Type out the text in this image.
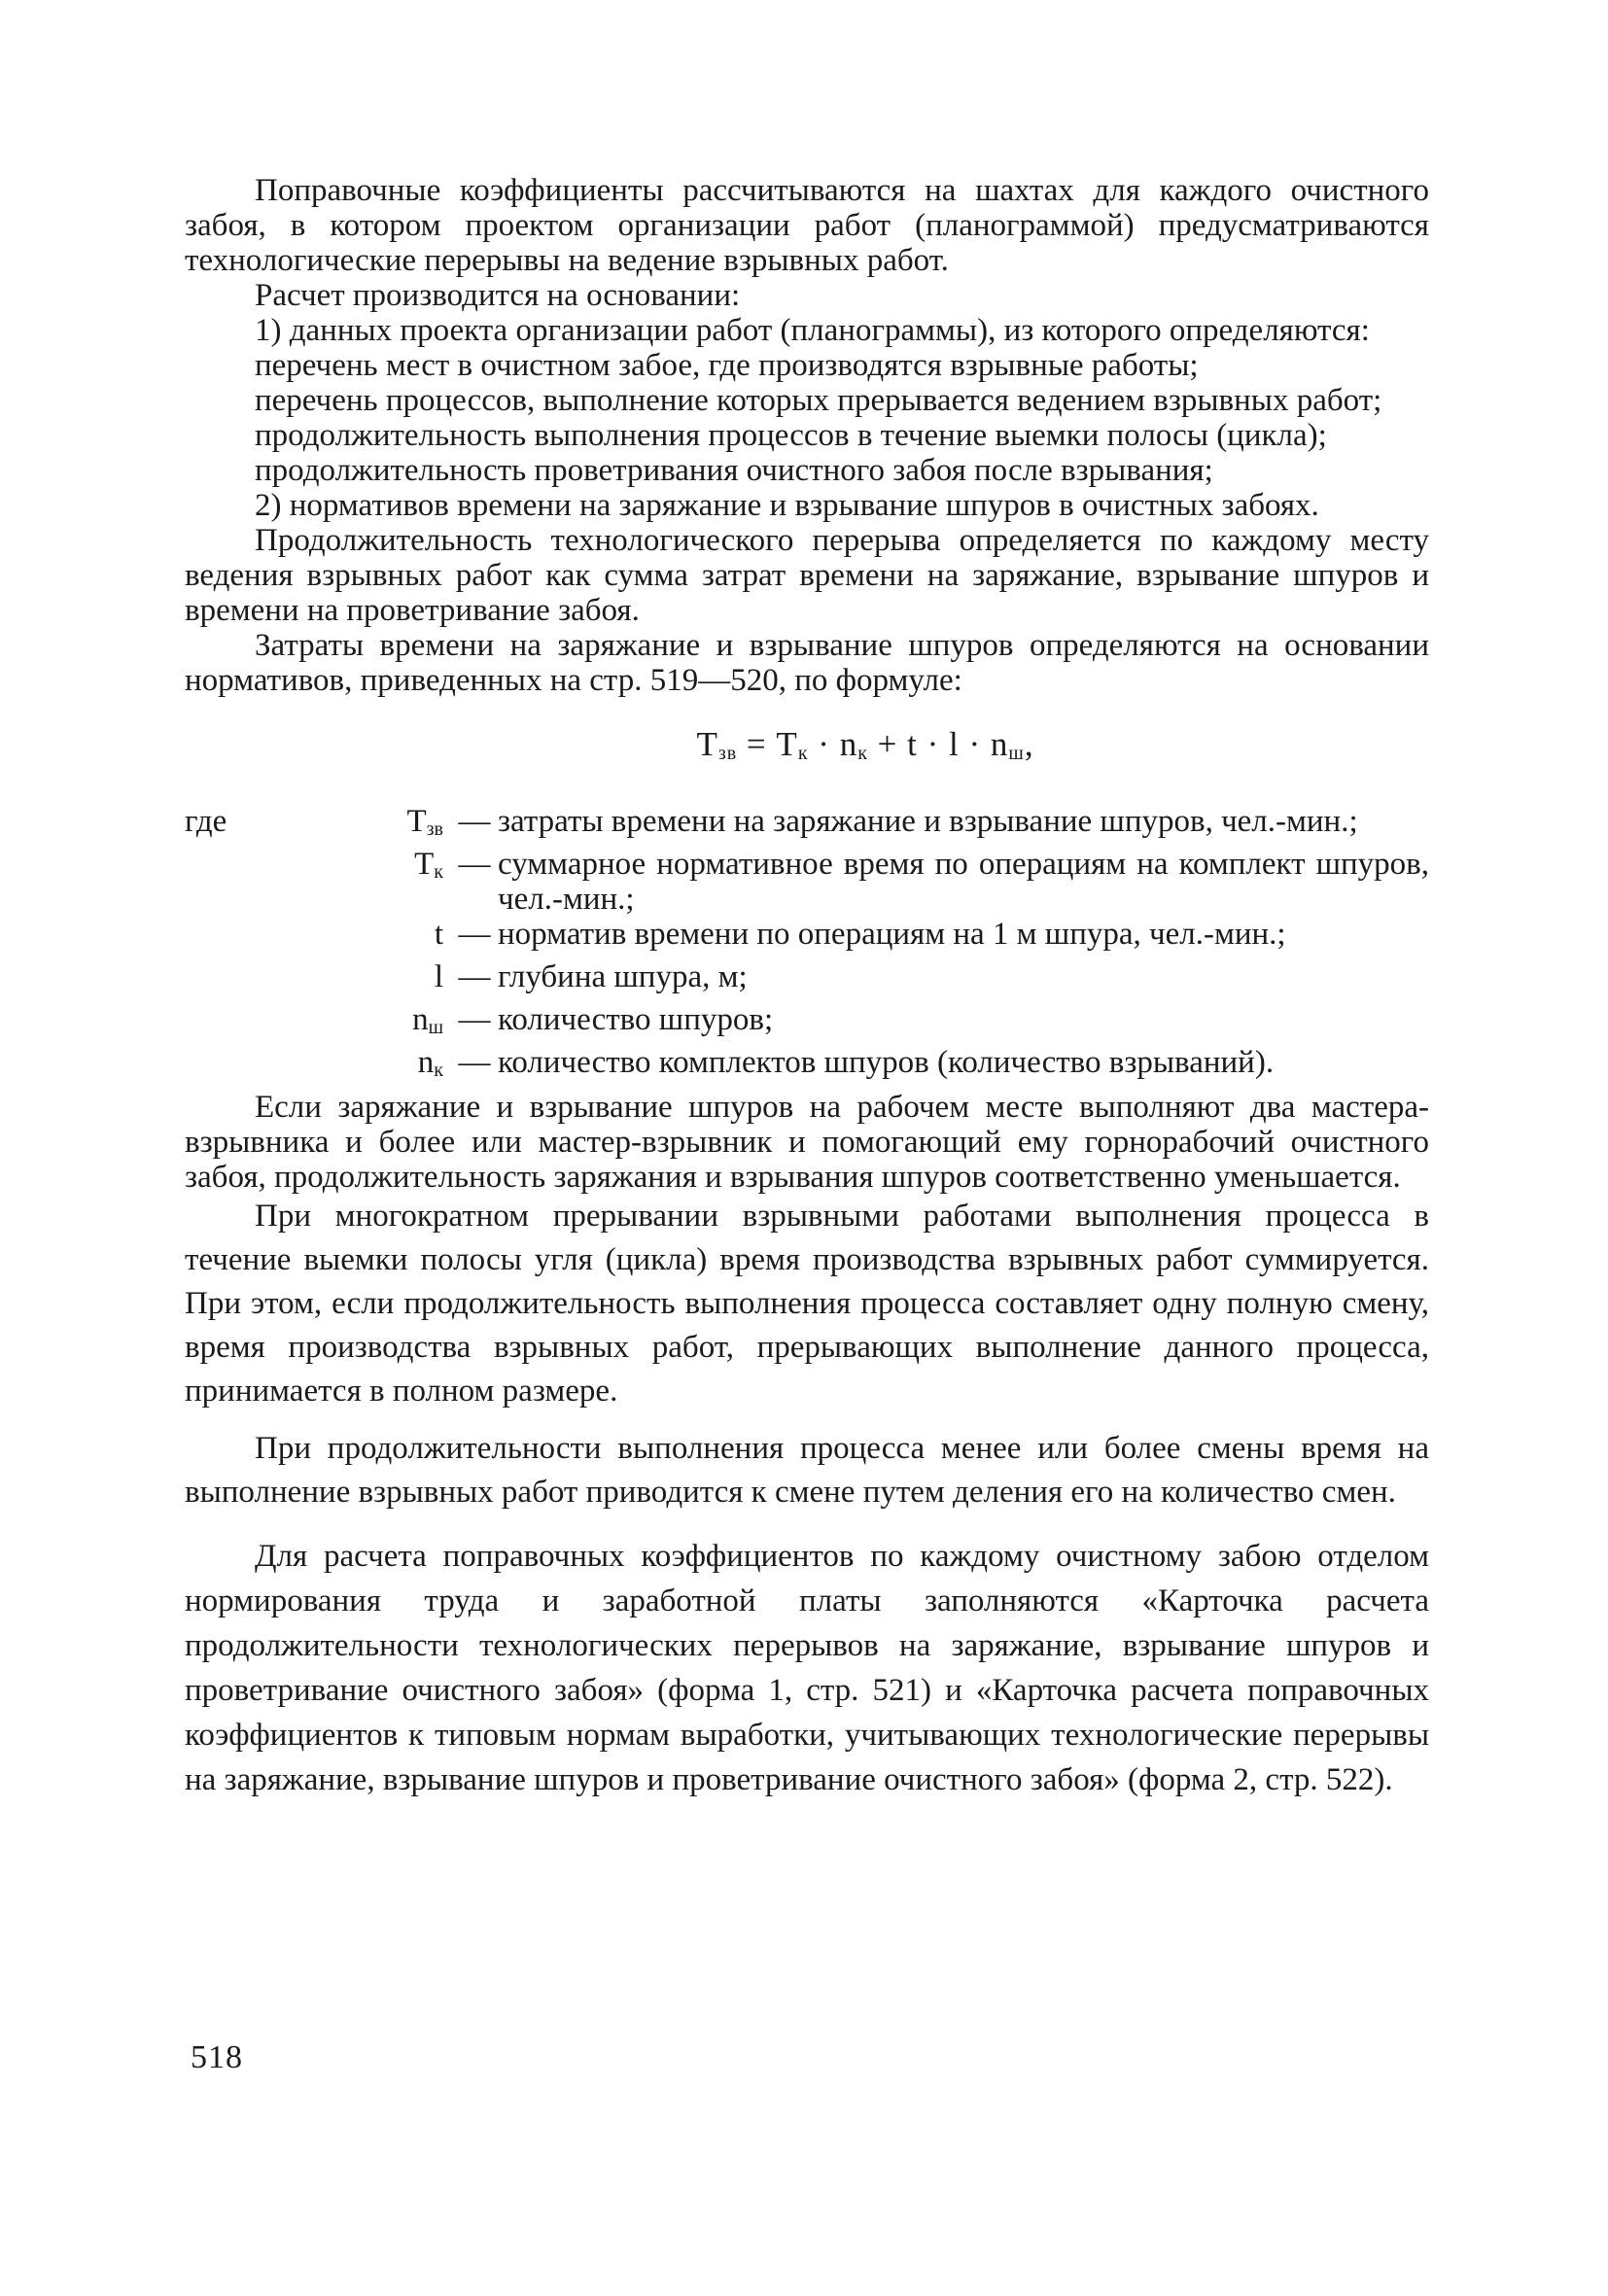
Поправочные коэффициенты рассчитываются на шахтах для каждого очистного забоя, в котором проектом организации работ (планограммой) предусматриваются технологические перерывы на ведение взрывных работ.

Расчет производится на основании:

1) данных проекта организации работ (планограммы), из которого определяются:

перечень мест в очистном забое, где производятся взрывные работы;

перечень процессов, выполнение которых прерывается ведением взрывных работ;

продолжительность выполнения процессов в течение выемки полосы (цикла);

продолжительность проветривания очистного забоя после взрывания;

2) нормативов времени на заряжание и взрывание шпуров в очистных забоях.

Продолжительность технологического перерыва определяется по каждому месту ведения взрывных работ как сумма затрат времени на заряжание, взрывание шпуров и времени на проветривание забоя.

Затраты времени на заряжание и взрывание шпуров определяются на основании нормативов, приведенных на стр. 519—520, по формуле:

$T_{зв} = T_к \cdot n_к + t \cdot l \cdot n_ш$,
где	$T_{зв}$	—	затраты времени на заряжание и взрывание шпуров, чел.-мин.;
	$T_к$	—	суммарное нормативное время по операциям на комплект шпуров, чел.-мин.;
	t	—	норматив времени по операциям на 1 м шпура, чел.-мин.;
	l	—	глубина шпура, м;
	$n_ш$	—	количество шпуров;
	$n_к$	—	количество комплектов шпуров (количество взрываний).

Если заряжание и взрывание шпуров на рабочем месте выполняют два мастера-взрывника и более или мастер-взрывник и помогающий ему горнорабочий очистного забоя, продолжительность заряжания и взрывания шпуров соответственно уменьшается.

При многократном прерывании взрывными работами выполнения процесса в течение выемки полосы угля (цикла) время производства взрывных работ суммируется. При этом, если продолжительность выполнения процесса составляет одну полную смену, время производства взрывных работ, прерывающих выполнение данного процесса, принимается в полном размере.

При продолжительности выполнения процесса менее или более смены время на выполнение взрывных работ приводится к смене путем деления его на количество смен.

Для расчета поправочных коэффициентов по каждому очистному забою отделом нормирования труда и заработной платы заполняются «Карточка расчета продолжительности технологических перерывов на заряжание, взрывание шпуров и проветривание очистного забоя» (форма 1, стр. 521) и «Карточка расчета поправочных коэффициентов к типовым нормам выработки, учитывающих технологические перерывы на заряжание, взрывание шпуров и проветривание очистного забоя» (форма 2, стр. 522).

518
